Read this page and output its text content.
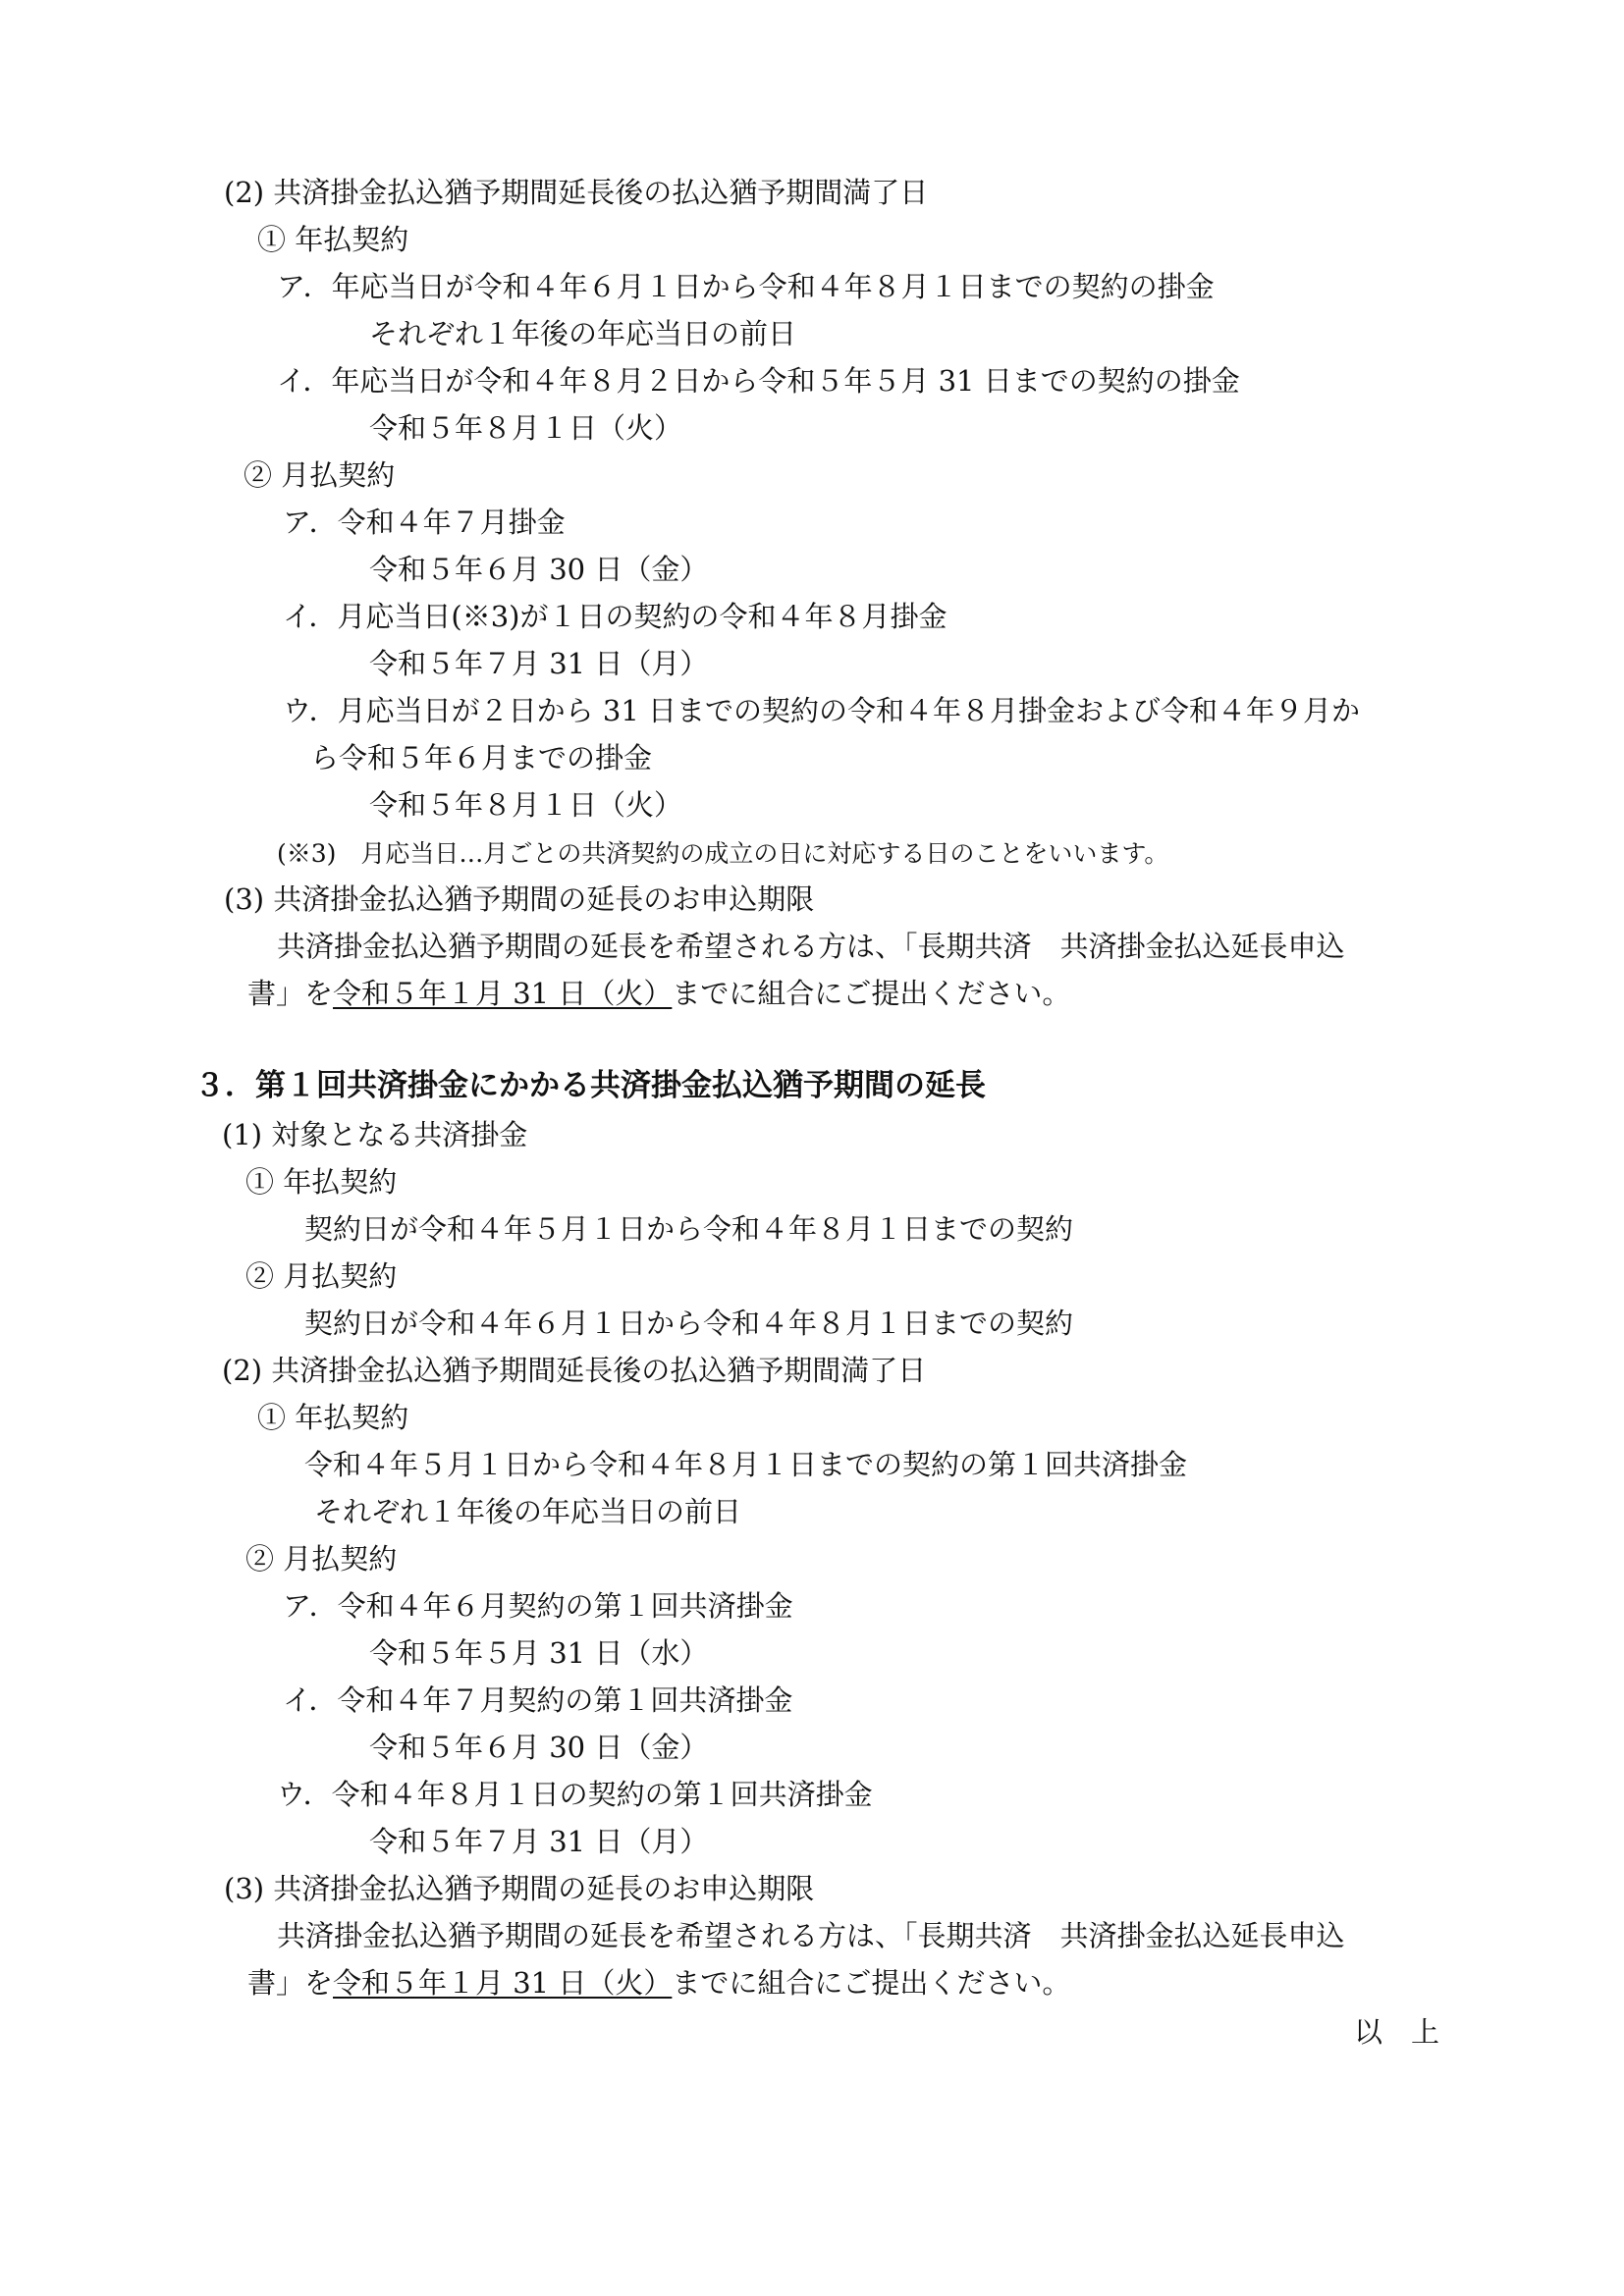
(2) 共済掛金払込猶予期間延長後の払込猶予期間満了日
① 年払契約
ア．年応当日が令和４年６月１日から令和４年８月１日までの契約の掛金
それぞれ１年後の年応当日の前日
イ．年応当日が令和４年８月２日から令和５年５月 31 日までの契約の掛金
令和５年８月１日（火）
② 月払契約
ア．令和４年７月掛金
令和５年６月 30 日（金）
イ．月応当日(※3)が１日の契約の令和４年８月掛金
令和５年７月 31 日（月）
ウ．月応当日が２日から 31 日までの契約の令和４年８月掛金および令和４年９月か
ら令和５年６月までの掛金
令和５年８月１日（火）
(※3)　月応当日…月ごとの共済契約の成立の日に対応する日のことをいいます。
(3) 共済掛金払込猶予期間の延長のお申込期限
共済掛金払込猶予期間の延長を希望される方は、「長期共済　共済掛金払込延長申込
書」を令和５年１月 31 日（火）までに組合にご提出ください。
３．第１回共済掛金にかかる共済掛金払込猶予期間の延長
(1) 対象となる共済掛金
① 年払契約
契約日が令和４年５月１日から令和４年８月１日までの契約
② 月払契約
契約日が令和４年６月１日から令和４年８月１日までの契約
(2) 共済掛金払込猶予期間延長後の払込猶予期間満了日
① 年払契約
令和４年５月１日から令和４年８月１日までの契約の第１回共済掛金
それぞれ１年後の年応当日の前日
② 月払契約
ア．令和４年６月契約の第１回共済掛金
令和５年５月 31 日（水）
イ．令和４年７月契約の第１回共済掛金
令和５年６月 30 日（金）
ウ．令和４年８月１日の契約の第１回共済掛金
令和５年７月 31 日（月）
(3) 共済掛金払込猶予期間の延長のお申込期限
共済掛金払込猶予期間の延長を希望される方は、「長期共済　共済掛金払込延長申込
書」を令和５年１月 31 日（火）までに組合にご提出ください。
以　上
